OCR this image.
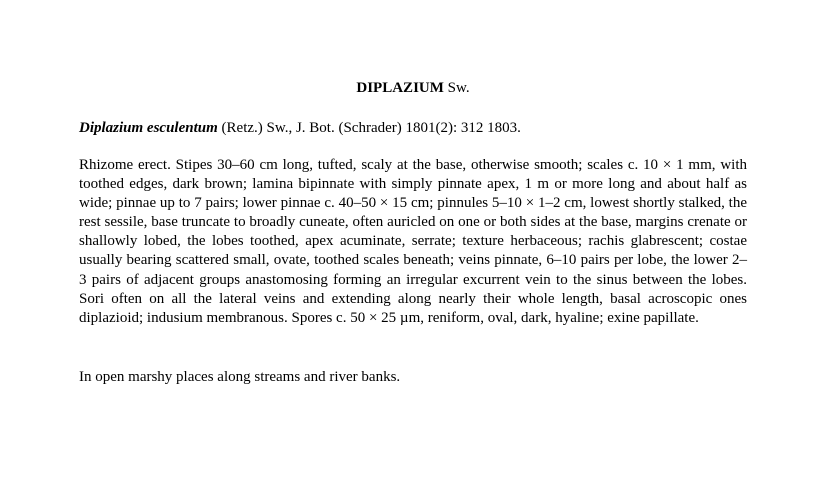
DIPLAZIUM Sw.

Diplazium esculentum (Retz.) Sw., J. Bot. (Schrader) 1801(2): 312 1803.

Rhizome erect. Stipes 30–60 cm long, tufted, scaly at the base, otherwise smooth; scales c. 10 × 1 mm, with toothed edges, dark brown; lamina bipinnate with simply pinnate apex, 1 m or more long and about half as wide; pinnae up to 7 pairs; lower pinnae c. 40–50 × 15 cm; pinnules 5–10 × 1–2 cm, lowest shortly stalked, the rest sessile, base truncate to broadly cuneate, often auricled on one or both sides at the base, margins crenate or shallowly lobed, the lobes toothed, apex acuminate, serrate; texture herbaceous; rachis glabrescent; costae usually bearing scattered small, ovate, toothed scales beneath; veins pinnate, 6–10 pairs per lobe, the lower 2–3 pairs of adjacent groups anastomosing forming an irregular excurrent vein to the sinus between the lobes. Sori often on all the lateral veins and extending along nearly their whole length, basal acroscopic ones diplazioid; indusium membranous. Spores c. 50 × 25 µm, reniform, oval, dark, hyaline; exine papillate.

In open marshy places along streams and river banks.
